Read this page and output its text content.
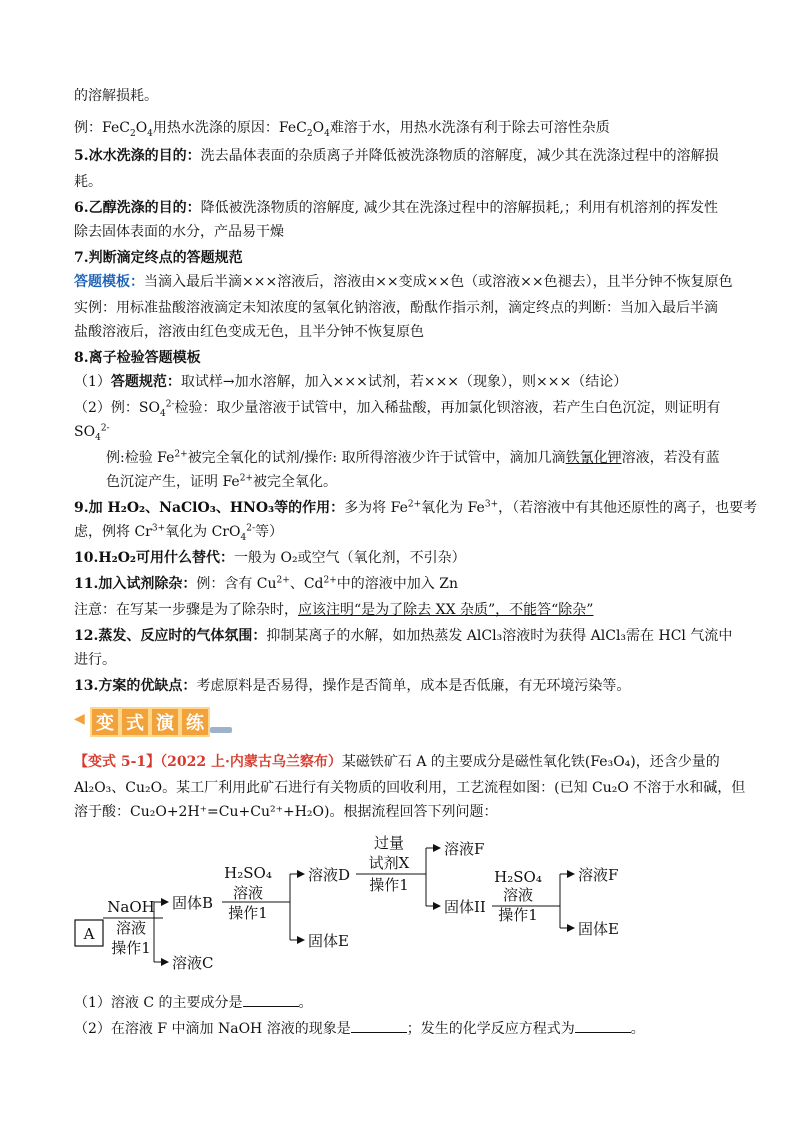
的溶解损耗。
例：$FeC_2O_4$用热水洗涤的原因：$FeC_2O_4$难溶于水，用热水洗涤有利于除去可溶性杂质
5.冰水洗涤的目的：洗去晶体表面的杂质离子并降低被洗涤物质的溶解度，减少其在洗涤过程中的溶解损
耗。
6.乙醇洗涤的目的：降低被洗涤物质的溶解度, 减少其在洗涤过程中的溶解损耗,；利用有机溶剂的挥发性
除去固体表面的水分，产品易干燥
7.判断滴定终点的答题规范
答题模板：当滴入最后半滴×××溶液后，溶液由××变成××色（或溶液××色褪去），且半分钟不恢复原色
实例：用标准盐酸溶液滴定未知浓度的氢氧化钠溶液，酚酞作指示剂，滴定终点的判断：当加入最后半滴
盐酸溶液后，溶液由红色变成无色，且半分钟不恢复原色
8.离子检验答题模板
（1）答题规范：取试样→加水溶解，加入×××试剂，若×××（现象），则×××（结论）
（2）例：$SO_4^{2-}$检验：取少量溶液于试管中，加入稀盐酸，再加氯化钡溶液，若产生白色沉淀，则证明有
$SO_4^{2-}$
例:检验 $Fe^{2+}$被完全氧化的试剂/操作: 取所得溶液少许于试管中，滴加几滴铁氰化钾溶液，若没有蓝
色沉淀产生，证明 $Fe^{2+}$被完全氧化。
9.加 H₂O₂、NaClO₃、HNO₃等的作用：多为将 $Fe^{2+}$氧化为 $Fe^{3+}$，（若溶液中有其他还原性的离子，也要考
虑，例将 $Cr^{3+}$氧化为 CrO$_4^{2-}$等）
10.H₂O₂可用什么替代：一般为 O₂或空气（氧化剂，不引杂）
11.加入试剂除杂：例：含有 $Cu^{2+}$、$Cd^{2+}$中的溶液中加入 Zn
注意：在写某一步骤是为了除杂时，应该注明“是为了除去 XX 杂质”，不能答“除杂”
12.蒸发、反应时的气体氛围：抑制某离子的水解，如加热蒸发 AlCl₃溶液时为获得 AlCl₃需在 HCl 气流中
进行。
13.方案的优缺点：考虑原料是否易得，操作是否简单，成本是否低廉，有无环境污染等。
◀ 变 式 演 练
【变式 5-1】（2022 上·内蒙古乌兰察布）某磁铁矿石 A 的主要成分是磁性氧化铁(Fe₃O₄)，还含少量的
Al₂O₃、Cu₂O。某工厂利用此矿石进行有关物质的回收利用，工艺流程如图：(已知 Cu₂O 不溶于水和碱，但
溶于酸：Cu₂O+2H⁺=Cu+Cu²⁺+H₂O)。根据流程回答下列问题：
A
NaOH
溶液
操作1
固体B
溶液C
H₂SO₄
溶液
操作1
溶液D
固体E
过量
试剂X
操作1
溶液F
固体II
H₂SO₄
溶液
操作1
溶液F
固体E
（1）溶液 C 的主要成分是	。
（2）在溶液 F 中滴加 NaOH 溶液的现象是	；发生的化学反应方程式为	。
